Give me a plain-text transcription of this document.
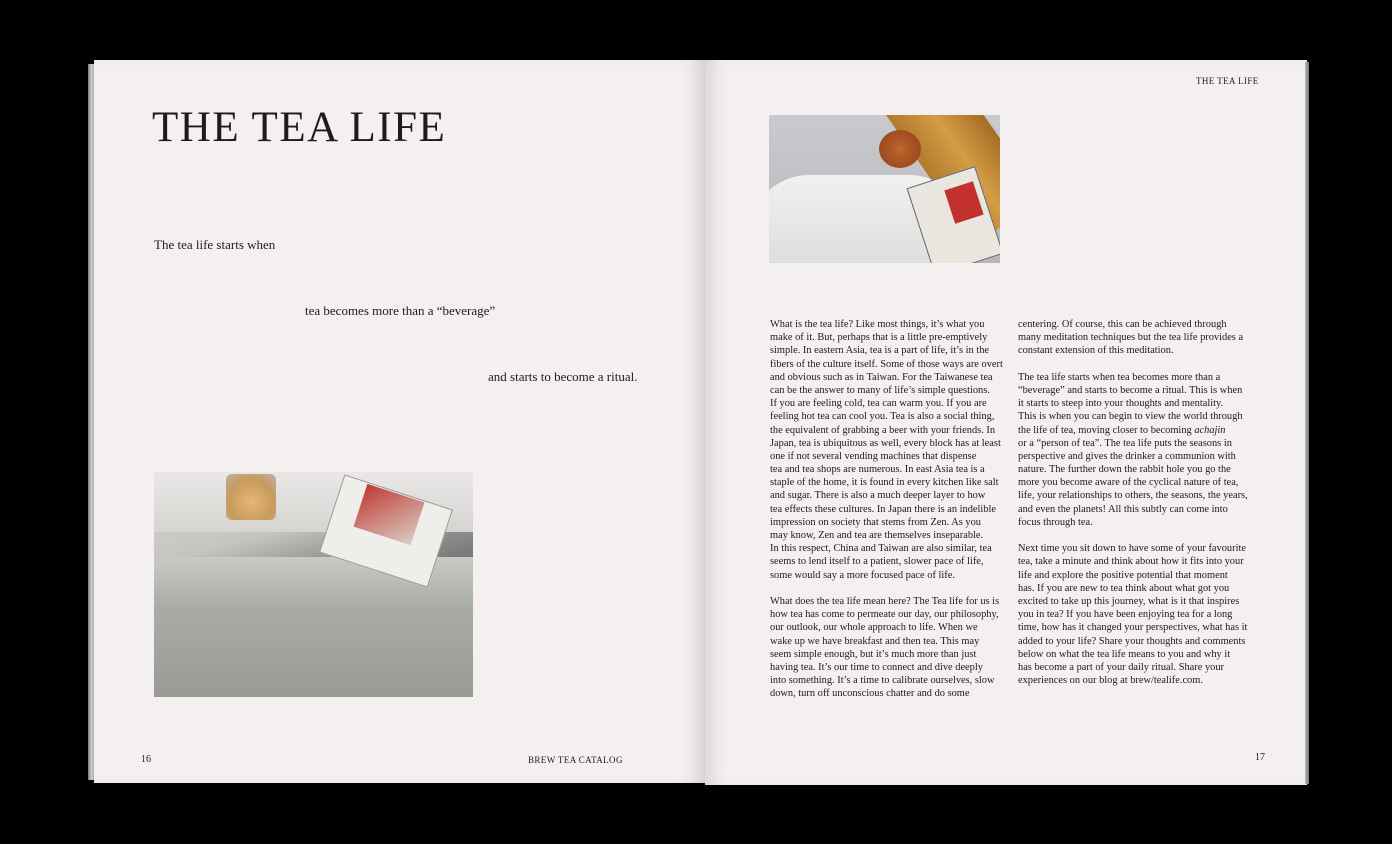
THE TEA LIFE
The tea life starts when
tea becomes more than a “beverage”
and starts to become a ritual.
16	BREW TEA CATALOG
THE TEA LIFE
17
What is the tea life? Like most things, it’s what you
make of it. But, perhaps that is a little pre-emptively
simple. In eastern Asia, tea is a part of life, it’s in the
fibers of the culture itself. Some of those ways are overt
and obvious such as in Taiwan. For the Taiwanese tea
can be the answer to many of life’s simple questions.
If you are feeling cold, tea can warm you. If you are
feeling hot tea can cool you. Tea is also a social thing,
the equivalent of grabbing a beer with your friends. In
Japan, tea is ubiquitous as well, every block has at least
one if not several vending machines that dispense
tea and tea shops are numerous. In east Asia tea is a
staple of the home, it is found in every kitchen like salt
and sugar. There is also a much deeper layer to how
tea effects these cultures. In Japan there is an indelible
impression on society that stems from Zen. As you
may know, Zen and tea are themselves inseparable.
In this respect, China and Taiwan are also similar, tea
seems to lend itself to a patient, slower pace of life,
some would say a more focused pace of life.
What does the tea life mean here? The Tea life for us is
how tea has come to permeate our day, our philosophy,
our outlook, our whole approach to life. When we
wake up we have breakfast and then tea. This may
seem simple enough, but it’s much more than just
having tea. It’s our time to connect and dive deeply
into something. It’s a time to calibrate ourselves, slow
down, turn off unconscious chatter and do some
centering. Of course, this can be achieved through
many meditation techniques but the tea life provides a
constant extension of this meditation.
The tea life starts when tea becomes more than a
“beverage” and starts to become a ritual. This is when
it starts to steep into your thoughts and mentality.
This is when you can begin to view the world through
the life of tea, moving closer to becoming achajin
or a “person of tea”. The tea life puts the seasons in
perspective and gives the drinker a communion with
nature. The further down the rabbit hole you go the
more you become aware of the cyclical nature of tea,
life, your relationships to others, the seasons, the years,
and even the planets! All this subtly can come into
focus through tea.
Next time you sit down to have some of your favourite
tea, take a minute and think about how it fits into your
life and explore the positive potential that moment
has. If you are new to tea think about what got you
excited to take up this journey, what is it that inspires
you in tea? If you have been enjoying tea for a long
time, how has it changed your perspectives, what has it
added to your life? Share your thoughts and comments
below on what the tea life means to you and why it
has become a part of your daily ritual. Share your
experiences on our blog at brew/tealife.com.
